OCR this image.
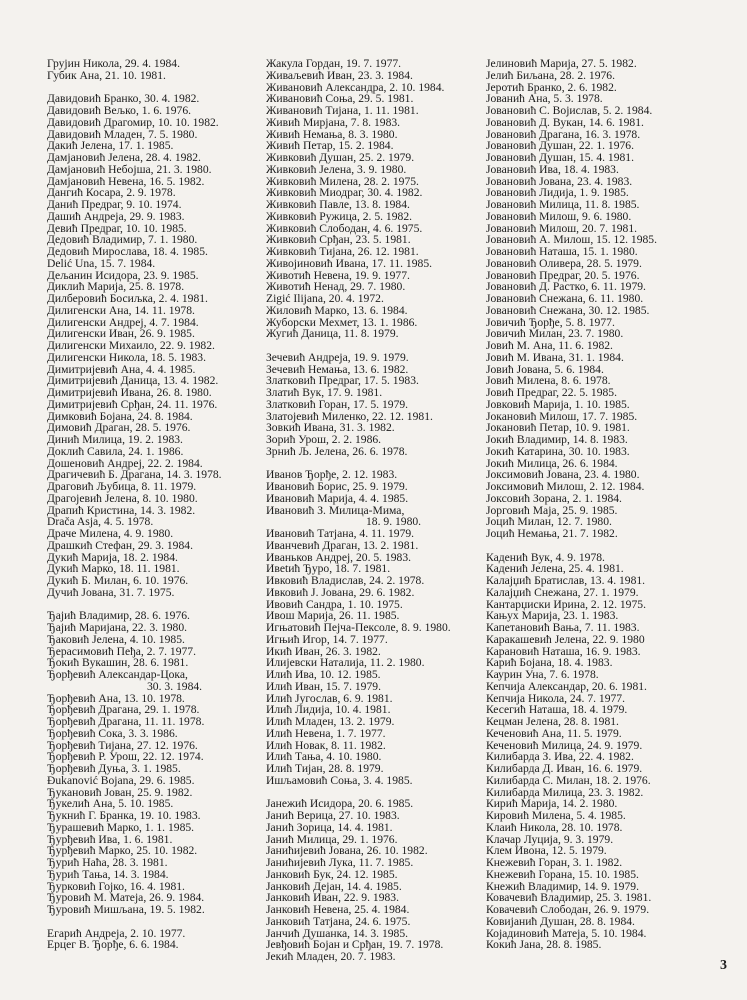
Грујин Никола, 29. 4. 1984.
Губик Ана, 21. 10. 1981.
Давидовић Бранко, 30. 4. 1982.
Давидовић Вељко, 1. 6. 1976.
Давидовић Драгомир, 10. 10. 1982.
Давидовић Младен, 7. 5. 1980.
Дакић Јелена, 17. 1. 1985.
Дамјановић Јелена, 28. 4. 1982.
Дамјановић Небојша, 21. 3. 1980.
Дамјановић Невена, 16. 5. 1982.
Дангић Косара, 2. 9. 1978.
Данић Предраг, 9. 10. 1974.
Дашић Андреја, 29. 9. 1983.
Девић Предраг, 10. 10. 1985.
Дедовић Владимир, 7. 1. 1980.
Дедовић Мирослава, 18. 4. 1985.
Delić Una, 15. 7. 1984.
Дељанин Исидора, 23. 9. 1985.
Диклић Марија, 25. 8. 1978.
Дилберовић Босиљка, 2. 4. 1981.
Дилигенски Ана, 14. 11. 1978.
Дилигенски Андреј, 4. 7. 1984.
Дилигенски Иван, 26. 9. 1985.
Дилигенски Михаило, 22. 9. 1982.
Дилигенски Никола, 18. 5. 1983.
Димитријевић Ана, 4. 4. 1985.
Димитријевић Даница, 13. 4. 1982.
Димитријевић Ивана, 26. 8. 1980.
Димитријевић Срђан, 24. 11. 1976.
Димковић Бојана, 24. 8. 1984.
Димовић Драган, 28. 5. 1976.
Динић Милица, 19. 2. 1983.
Доклић Савила, 24. 1. 1986.
Дошеновић Андреј, 22. 2. 1984.
Драгичевић Б. Драгана, 14. 3. 1978.
Драговић Љубица, 8. 11. 1979.
Драгојевић Јелена, 8. 10. 1980.
Драпић Кристина, 14. 3. 1982.
Drača Asja, 4. 5. 1978.
Драче Милена, 4. 9. 1980.
Драшкић Стефан, 29. 3. 1984.
Дукић Марија, 18. 2. 1984.
Дукић Марко, 18. 11. 1981.
Дукић Б. Милан, 6. 10. 1976.
Дучић Јована, 31. 7. 1975.
Ђајић Владимир, 28. 6. 1976.
Ђајић Маријана, 22. 3. 1980.
Ђаковић Јелена, 4. 10. 1985.
Ђерасимовић Пеђа, 2. 7. 1977.
Ђокић Вукашин, 28. 6. 1981.
Ђорђевић Александар-Цока,
30. 3. 1984.
Ђорђевић Ана, 13. 10. 1978.
Ђорђевић Драгана, 29. 1. 1978.
Ђорђевић Драгана, 11. 11. 1978.
Ђорђевић Сока, 3. 3. 1986.
Ђорђевић Тијана, 27. 12. 1976.
Ђорђевић Р. Урош, 22. 12. 1974.
Ђорђевић Дуња, 3. 1. 1985.
Đukanović Bojana, 29. 6. 1985.
Ђукановић Јован, 25. 9. 1982.
Ђукелић Ана, 5. 10. 1985.
Ђукнић Г. Бранка, 19. 10. 1983.
Ђурашевић Марко, 1. 1. 1985.
Ђурђевић Ива, 1. 6. 1981.
Ђурђевић Марко, 25. 10. 1982.
Ђурић Наћа, 28. 3. 1981.
Ђурић Тања, 14. 3. 1984.
Ђурковић Гојко, 16. 4. 1981.
Ђуровић М. Матеја, 26. 9. 1984.
Ђуровић Мишљана, 19. 5. 1982.
Егарић Андреја, 2. 10. 1977.
Ерцег В. Ђорђе, 6. 6. 1984.
Жакула Гордан, 19. 7. 1977.
Живаљевић Иван, 23. 3. 1984.
Живановић Александра, 2. 10. 1984.
Живановић Соња, 29. 5. 1981.
Живановић Тијана, 1. 11. 1981.
Живић Мирјана, 7. 8. 1983.
Живић Немања, 8. 3. 1980.
Живић Петар, 15. 2. 1984.
Живковић Душан, 25. 2. 1979.
Живковић Јелена, 3. 9. 1980.
Живковић Милена, 28. 2. 1975.
Живковић Миодраг, 30. 4. 1982.
Живковић Павле, 13. 8. 1984.
Живковић Ружица, 2. 5. 1982.
Живковић Слободан, 4. 6. 1975.
Живковић Срђан, 23. 5. 1981.
Живковић Тијана, 26. 12. 1981.
Живојиновић Ивана, 17. 11. 1985.
Животић Невена, 19. 9. 1977.
Животић Ненад, 29. 7. 1980.
Zigić Ilijana, 20. 4. 1972.
Жиловић Марко, 13. 6. 1984.
Жуборски Мехмет, 13. 1. 1986.
Жугић Даница, 11. 8. 1979.
Зечевић Андреја, 19. 9. 1979.
Зечевић Немања, 13. 6. 1982.
Златковић Предраг, 17. 5. 1983.
Златић Вук, 17. 9. 1981.
Златковић Горан, 17. 5. 1979.
Златојевић Миленко, 22. 12. 1981.
Зовкић Ивана, 31. 3. 1982.
Зорић Урош, 2. 2. 1986.
Зрнић Љ. Јелена, 26. 6. 1978.
Иванов Ђорђе, 2. 12. 1983.
Ивановић Борис, 25. 9. 1979.
Ивановић Марија, 4. 4. 1985.
Ивановић З. Милица-Мима,
18. 9. 1980.
Ивановић Татјана, 4. 11. 1979.
Иванчевић Драган, 13. 2. 1981.
Иваньков Андреј, 20. 5. 1983.
Ивetић Ђуро, 18. 7. 1981.
Ивковић Владислав, 24. 2. 1978.
Ивковић Ј. Јована, 29. 6. 1982.
Ивовић Сандра, 1. 10. 1975.
Ивош Марија, 26. 11. 1985.
Игњатовић Пејча-Пексоле, 8. 9. 1980.
Игњић Игор, 14. 7. 1977.
Икић Иван, 26. 3. 1982.
Илијевски Наталија, 11. 2. 1980.
Илић Ива, 10. 12. 1985.
Илић Иван, 15. 7. 1979.
Илић Југослав, 6. 9. 1981.
Илић Лидија, 10. 4. 1981.
Илић Младен, 13. 2. 1979.
Илић Невена, 1. 7. 1977.
Илић Новак, 8. 11. 1982.
Илић Тања, 4. 10. 1980.
Илић Тијан, 28. 8. 1979.
Ишљамовић Соња, 3. 4. 1985.
Јанежић Исидора, 20. 6. 1985.
Јанић Верица, 27. 10. 1983.
Јанић Зорица, 14. 4. 1981.
Јанић Милица, 29. 1. 1976.
Јанићијевић Јована, 26. 10. 1982.
Јанићијевић Лука, 11. 7. 1985.
Јанковић Бук, 24. 12. 1985.
Јанковић Дејан, 14. 4. 1985.
Јанковић Иван, 22. 9. 1983.
Јанковић Невена, 25. 4. 1984.
Јанковић Татјана, 24. 6. 1975.
Јанчић Душанка, 14. 3. 1985.
Јевђовић Бојан и Срђан, 19. 7. 1978.
Јекић Младен, 20. 7. 1983.
Јелиновић Марија, 27. 5. 1982.
Јелић Биљана, 28. 2. 1976.
Јеротић Бранко, 2. 6. 1982.
Јованић Ана, 5. 3. 1978.
Јовановић С. Војислав, 5. 2. 1984.
Јовановић Д. Вукан, 14. 6. 1981.
Јовановић Драгана, 16. 3. 1978.
Јовановић Душан, 22. 1. 1976.
Јовановић Душан, 15. 4. 1981.
Јовановић Ива, 18. 4. 1983.
Јовановић Јована, 23. 4. 1983.
Јовановић Лидија, 1. 9. 1985.
Јовановић Милица, 11. 8. 1985.
Јовановић Милош, 9. 6. 1980.
Јовановић Милош, 20. 7. 1981.
Јовановић А. Милош, 15. 12. 1985.
Јовановић Наташа, 15. 1. 1980.
Јовановић Оливера, 28. 5. 1979.
Јовановић Предраг, 20. 5. 1976.
Јовановић Д. Растко, 6. 11. 1979.
Јовановић Снежана, 6. 11. 1980.
Јовановић Снежана, 30. 12. 1985.
Јовичић Ђорђе, 5. 8. 1977.
Јовичић Милан, 23. 7. 1980.
Јовић М. Ана, 11. 6. 1982.
Јовић М. Ивана, 31. 1. 1984.
Јовић Јована, 5. 6. 1984.
Јовић Милена, 8. 6. 1978.
Јовић Предраг, 22. 5. 1985.
Јовковић Марија, 1. 10. 1985.
Јокановић Милош, 17. 7. 1985.
Јокановић Петар, 10. 9. 1981.
Јокић Владимир, 14. 8. 1983.
Јокић Катарина, 30. 10. 1983.
Јокић Милица, 26. 6. 1984.
Јоксимовић Јована, 23. 4. 1980.
Јоксимовић Милош, 2. 12. 1984.
Јоксовић Зорана, 2. 1. 1984.
Јорговић Маја, 25. 9. 1985.
Јоцић Милан, 12. 7. 1980.
Јоцић Немања, 21. 7. 1982.
Каденић Вук, 4. 9. 1978.
Каденић Јелена, 25. 4. 1981.
Калајџић Братислав, 13. 4. 1981.
Калајџић Снежана, 27. 1. 1979.
Кантарџиски Ирина, 2. 12. 1975.
Кањух Марија, 23. 1. 1983.
Капетановић Вања, 7. 11. 1983.
Каракашевић Јелена, 22. 9. 1980
Карановић Наташа, 16. 9. 1983.
Карић Бојана, 18. 4. 1983.
Каурин Уна, 7. 6. 1978.
Кепчија Александар, 20. 6. 1981.
Кепчија Никола, 24. 7. 1977.
Кесегић Наташа, 18. 4. 1979.
Кецман Јелена, 28. 8. 1981.
Кеченовић Ана, 11. 5. 1979.
Кеченовић Милица, 24. 9. 1979.
Килибарда З. Ива, 22. 4. 1982.
Килибарда Д. Иван, 16. 6. 1979.
Килибарда С. Милан, 18. 2. 1976.
Килибарда Милица, 23. 3. 1982.
Кирић Марија, 14. 2. 1980.
Кировић Милена, 5. 4. 1985.
Клаић Никола, 28. 10. 1978.
Клачар Луција, 9. 3. 1979.
Клем Ивона, 12. 5. 1979.
Кнежевић Горан, 3. 1. 1982.
Кнежевић Горана, 15. 10. 1985.
Кнежић Владимир, 14. 9. 1979.
Ковачевић Владимир, 25. 3. 1981.
Ковачевић Слободан, 26. 9. 1979.
Ковијанић Душан, 28. 8. 1984.
Којадиновић Матеја, 5. 10. 1984.
Кокић Јана, 28. 8. 1985.
3
